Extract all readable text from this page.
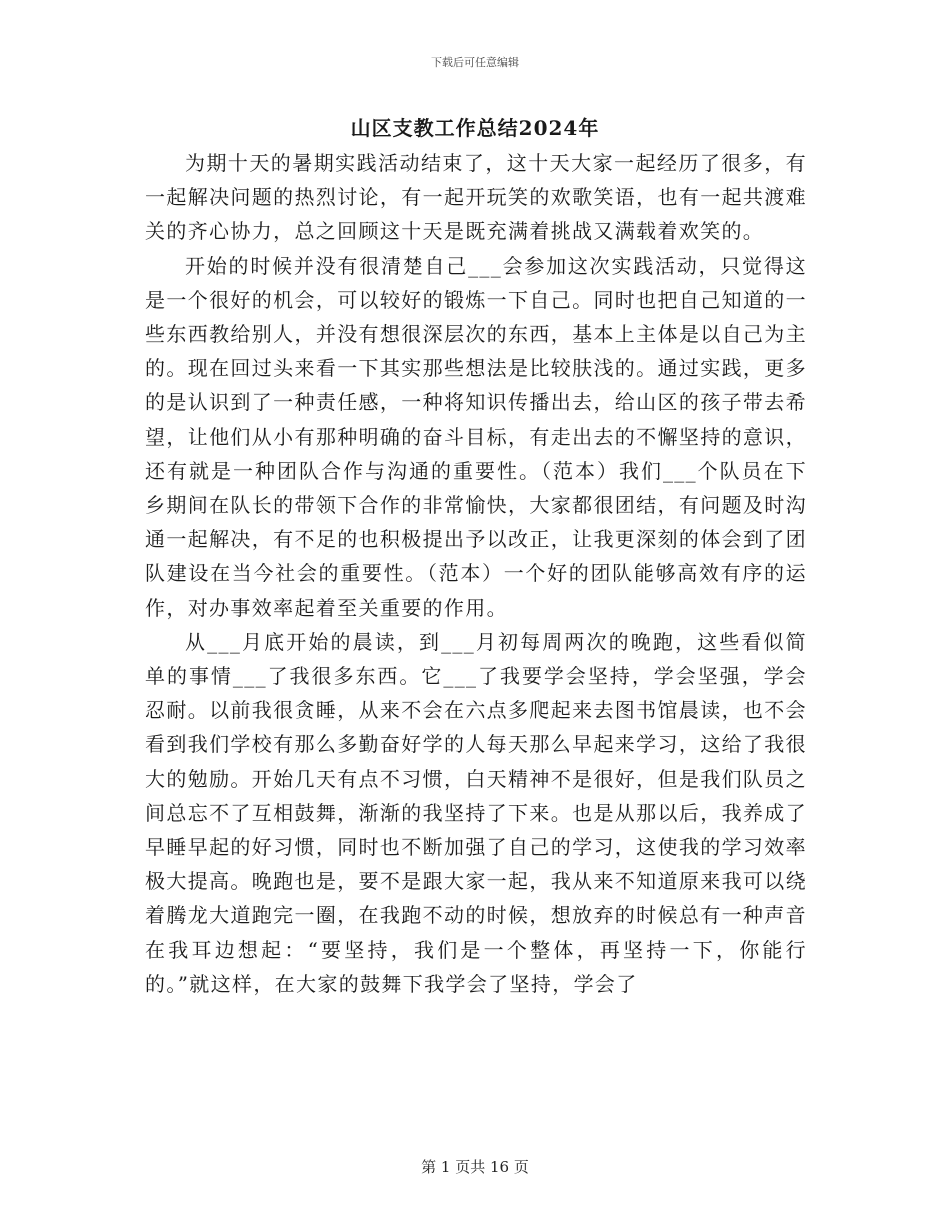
下载后可任意编辑
山区支教工作总结2024年

为期十天的暑期实践活动结束了，这十天大家一起经历了很多，有一起解决问题的热烈讨论，有一起开玩笑的欢歌笑语，也有一起共渡难关的齐心协力，总之回顾这十天是既充满着挑战又满载着欢笑的。

开始的时候并没有很清楚自己___会参加这次实践活动，只觉得这是一个很好的机会，可以较好的锻炼一下自己。同时也把自己知道的一些东西教给别人，并没有想很深层次的东西，基本上主体是以自己为主的。现在回过头来看一下其实那些想法是比较肤浅的。通过实践，更多的是认识到了一种责任感，一种将知识传播出去，给山区的孩子带去希望，让他们从小有那种明确的奋斗目标，有走出去的不懈坚持的意识，还有就是一种团队合作与沟通的重要性。（范本）我们___个队员在下乡期间在队长的带领下合作的非常愉快，大家都很团结，有问题及时沟通一起解决，有不足的也积极提出予以改正，让我更深刻的体会到了团队建设在当今社会的重要性。（范本）一个好的团队能够高效有序的运作，对办事效率起着至关重要的作用。

从___月底开始的晨读，到___月初每周两次的晚跑，这些看似简单的事情___了我很多东西。它___了我要学会坚持，学会坚强，学会忍耐。以前我很贪睡，从来不会在六点多爬起来去图书馆晨读，也不会看到我们学校有那么多勤奋好学的人每天那么早起来学习，这给了我很大的勉励。开始几天有点不习惯，白天精神不是很好，但是我们队员之间总忘不了互相鼓舞，渐渐的我坚持了下来。也是从那以后，我养成了早睡早起的好习惯，同时也不断加强了自己的学习，这使我的学习效率极大提高。晚跑也是，要不是跟大家一起，我从来不知道原来我可以绕着腾龙大道跑完一圈，在我跑不动的时候，想放弃的时候总有一种声音在我耳边想起：“要坚持，我们是一个整体，再坚持一下，你能行的。”就这样，在大家的鼓舞下我学会了坚持，学会了

第 1 页共 16 页
